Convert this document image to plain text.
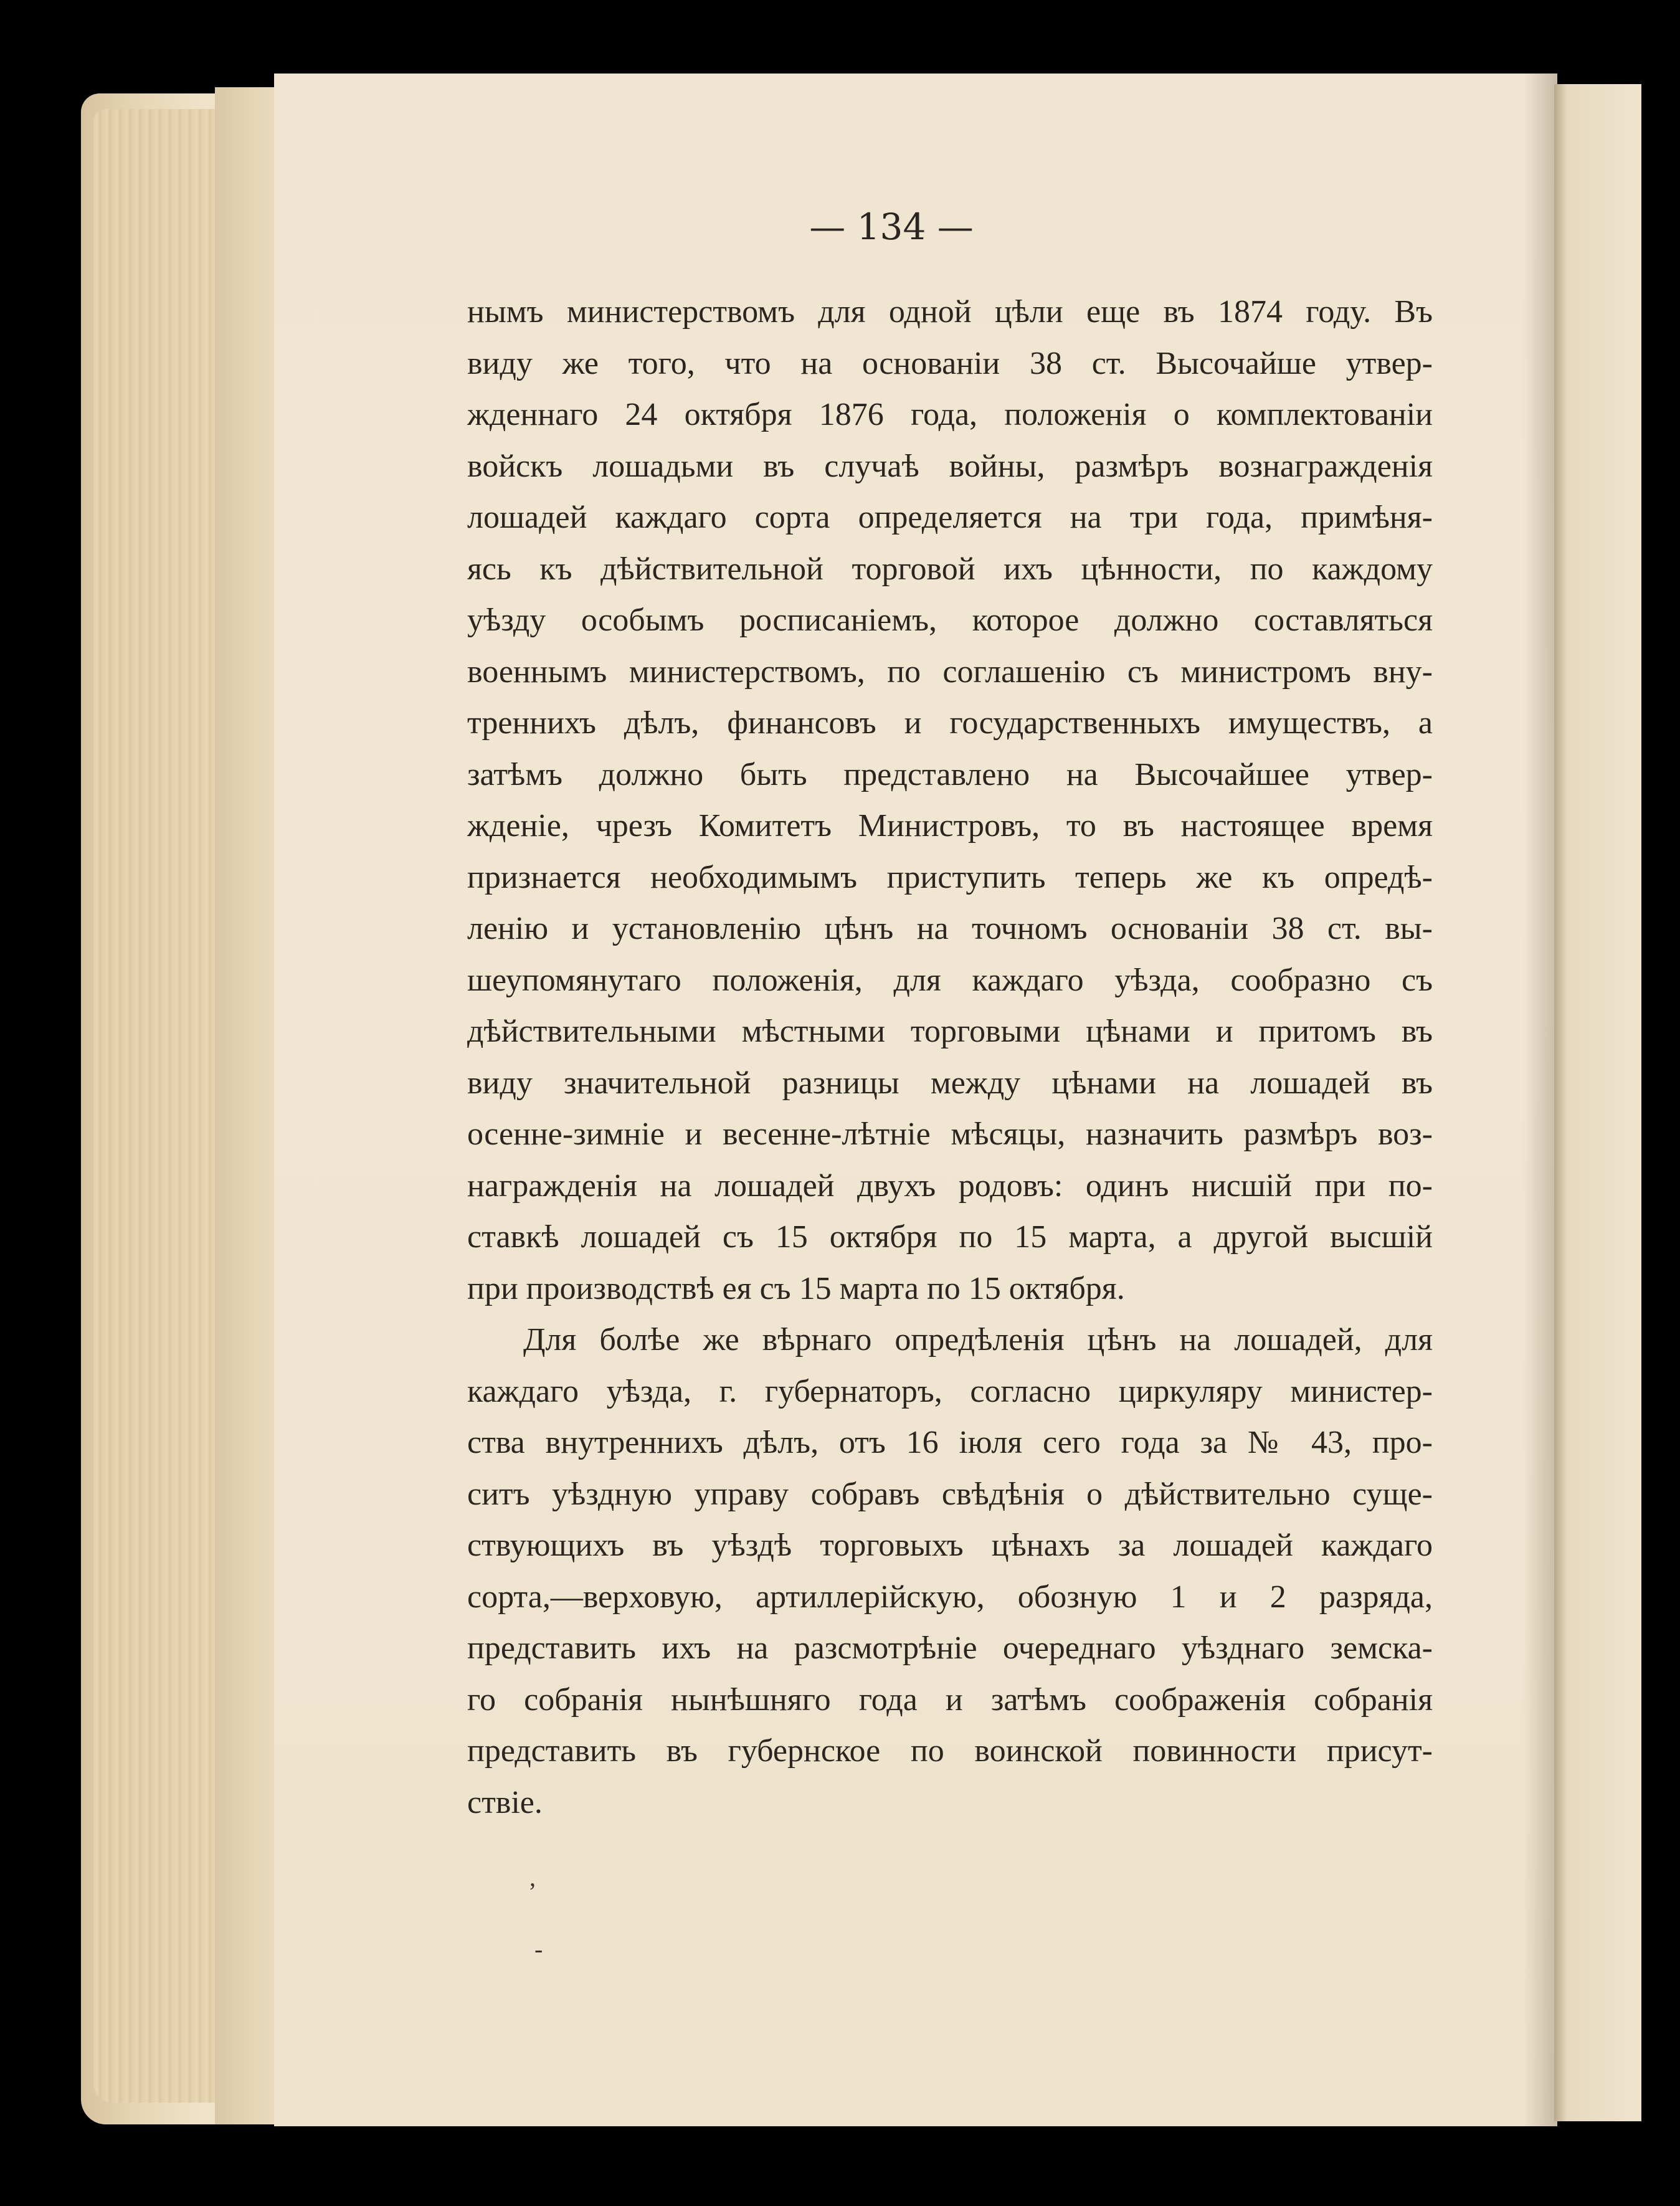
— 134 —
нымъ министерствомъ для одной цѣли еще въ 1874 году. Въ
виду же того, что на основаніи 38 ст. Высочайше утвер-
жденнаго 24 октября 1876 года, положенія о комплектованіи
войскъ лошадьми въ случаѣ войны, размѣръ вознагражденія
лошадей каждаго сорта определяется на три года, примѣня-
ясь къ дѣйствительной торговой ихъ цѣнности, по каждому
уѣзду особымъ росписаніемъ, которое должно составляться
военнымъ министерствомъ, по соглашенію съ министромъ вну-
треннихъ дѣлъ, финансовъ и государственныхъ имуществъ, а
затѣмъ должно быть представлено на Высочайшее утвер-
жденіе, чрезъ Комитетъ Министровъ, то въ настоящее время
признается необходимымъ приступить теперь же къ опредѣ-
ленію и установленію цѣнъ на точномъ основаніи 38 ст. вы-
шеупомянутаго положенія, для каждаго уѣзда, сообразно съ
дѣйствительными мѣстными торговыми цѣнами и притомъ въ
виду значительной разницы между цѣнами на лошадей въ
осенне-зимніе и весенне-лѣтніе мѣсяцы, назначить размѣръ воз-
награжденія на лошадей двухъ родовъ: одинъ нисшій при по-
ставкѣ лошадей съ 15 октября по 15 марта, а другой высшій
при производствѣ ея съ 15 марта по 15 октября.
Для болѣе же вѣрнаго опредѣленія цѣнъ на лошадей, для
каждаго уѣзда, г. губернаторъ, согласно циркуляру министер-
ства внутреннихъ дѣлъ, отъ 16 іюля сего года за № 43, про-
ситъ уѣздную управу собравъ свѣдѣнія о дѣйствительно суще-
ствующихъ въ уѣздѣ торговыхъ цѣнахъ за лошадей каждаго
сорта,—верховую, артиллерійскую, обозную 1 и 2 разряда,
представить ихъ на разсмотрѣніе очереднаго уѣзднаго земска-
го собранія нынѣшняго года и затѣмъ соображенія собранія
представить въ губернское по воинской повинности присут-
ствіе.
,
-
